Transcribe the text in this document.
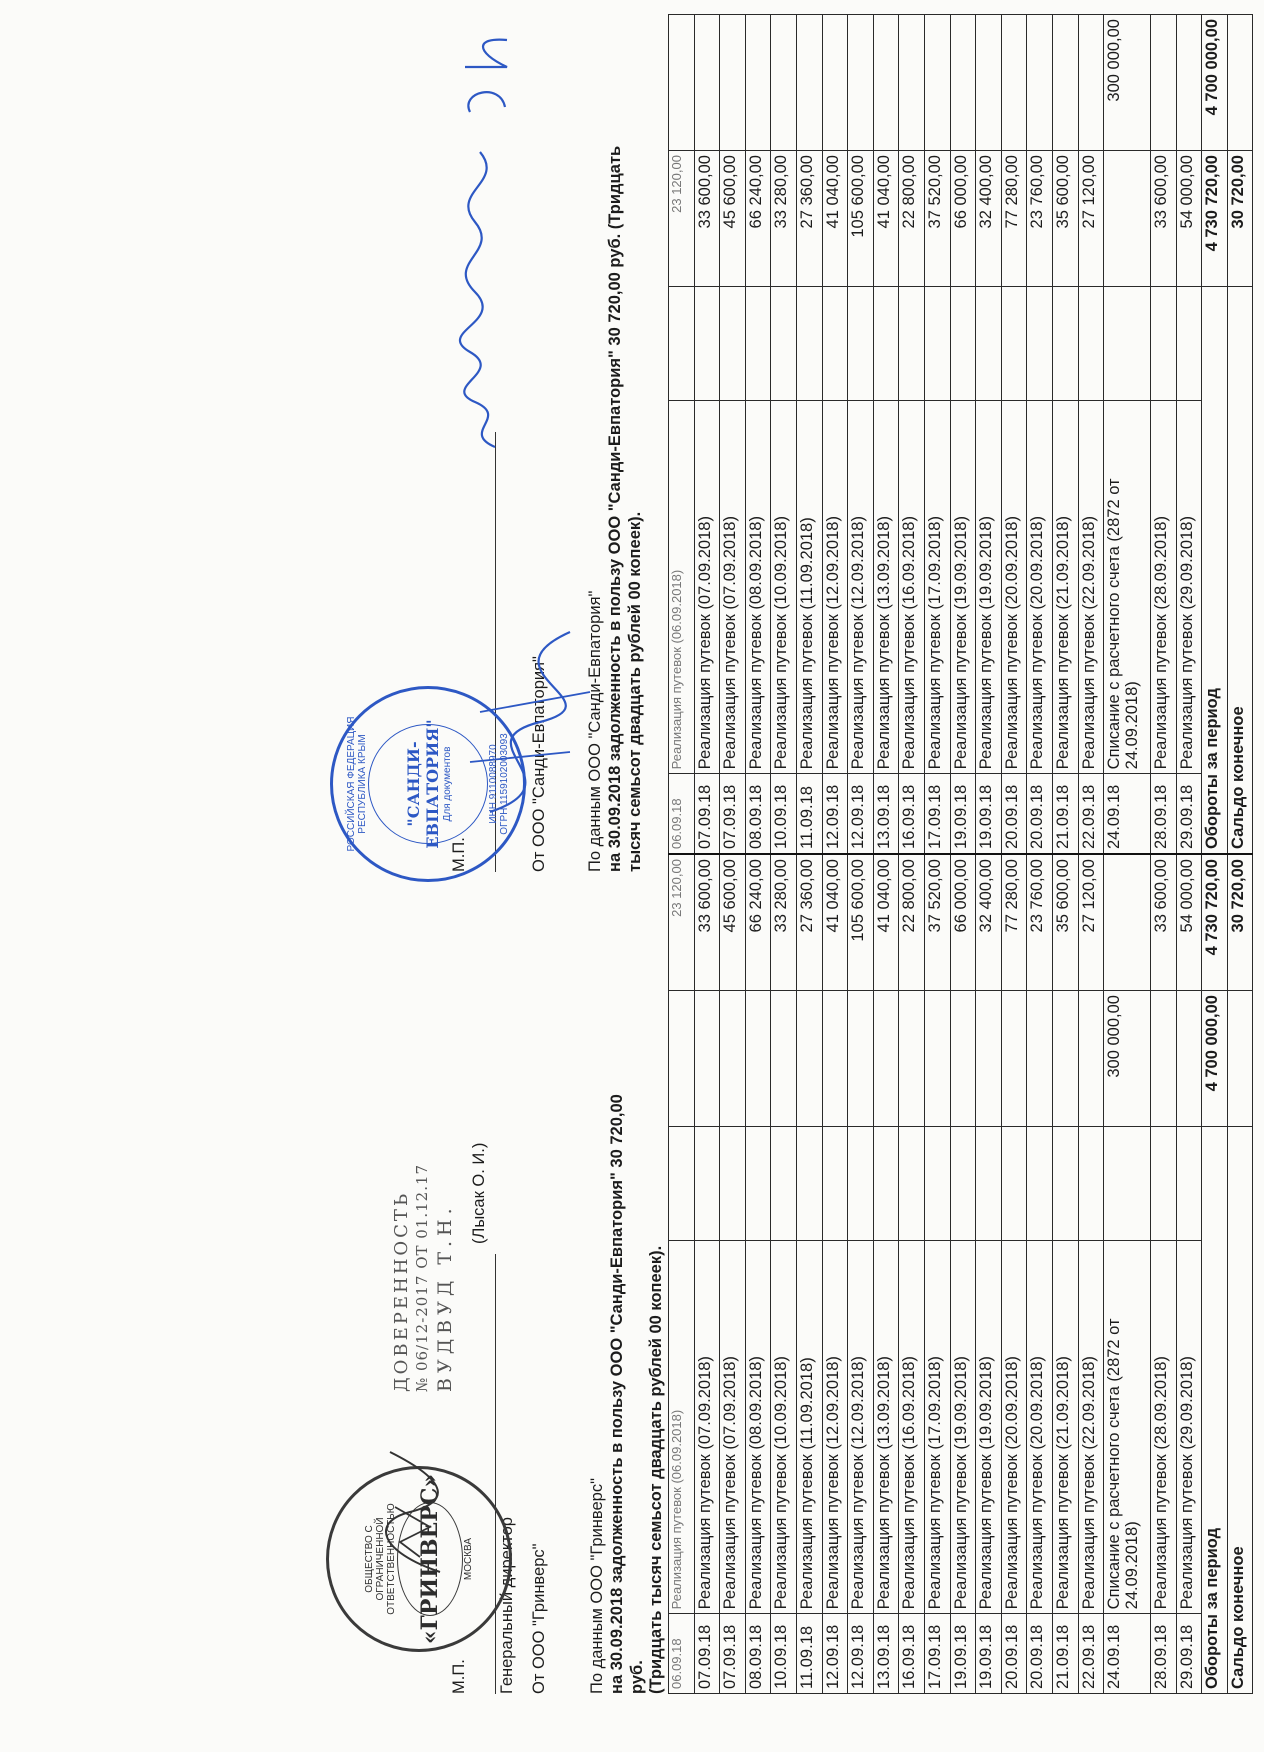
06.09.18	Реализация путевок (06.09.2018)			23 120,00	06.09.18	Реализация путевок (06.09.2018)		23 120,00	
07.09.18	Реализация путевок (07.09.2018)			33 600,00	07.09.18	Реализация путевок (07.09.2018)		33 600,00	
07.09.18	Реализация путевок (07.09.2018)			45 600,00	07.09.18	Реализация путевок (07.09.2018)		45 600,00	
08.09.18	Реализация путевок (08.09.2018)			66 240,00	08.09.18	Реализация путевок (08.09.2018)		66 240,00	
10.09.18	Реализация путевок (10.09.2018)			33 280,00	10.09.18	Реализация путевок (10.09.2018)		33 280,00	
11.09.18	Реализация путевок (11.09.2018)			27 360,00	11.09.18	Реализация путевок (11.09.2018)		27 360,00	
12.09.18	Реализация путевок (12.09.2018)			41 040,00	12.09.18	Реализация путевок (12.09.2018)		41 040,00	
12.09.18	Реализация путевок (12.09.2018)			105 600,00	12.09.18	Реализация путевок (12.09.2018)		105 600,00	
13.09.18	Реализация путевок (13.09.2018)			41 040,00	13.09.18	Реализация путевок (13.09.2018)		41 040,00	
16.09.18	Реализация путевок (16.09.2018)			22 800,00	16.09.18	Реализация путевок (16.09.2018)		22 800,00	
17.09.18	Реализация путевок (17.09.2018)			37 520,00	17.09.18	Реализация путевок (17.09.2018)		37 520,00	
19.09.18	Реализация путевок (19.09.2018)			66 000,00	19.09.18	Реализация путевок (19.09.2018)		66 000,00	
19.09.18	Реализация путевок (19.09.2018)			32 400,00	19.09.18	Реализация путевок (19.09.2018)		32 400,00	
20.09.18	Реализация путевок (20.09.2018)			77 280,00	20.09.18	Реализация путевок (20.09.2018)		77 280,00	
20.09.18	Реализация путевок (20.09.2018)			23 760,00	20.09.18	Реализация путевок (20.09.2018)		23 760,00	
21.09.18	Реализация путевок (21.09.2018)			35 600,00	21.09.18	Реализация путевок (21.09.2018)		35 600,00	
22.09.18	Реализация путевок (22.09.2018)			27 120,00	22.09.18	Реализация путевок (22.09.2018)		27 120,00	
24.09.18	Списание с расчетного счета (2872 от 24.09.2018)		300 000,00		24.09.18	Списание с расчетного счета (2872 от 24.09.2018)			300 000,00
28.09.18	Реализация путевок (28.09.2018)			33 600,00	28.09.18	Реализация путевок (28.09.2018)		33 600,00	
29.09.18	Реализация путевок (29.09.2018)			54 000,00	29.09.18	Реализация путевок (29.09.2018)		54 000,00	
Обороты за период			4 700 000,00	4 730 720,00	Обороты за период			4 730 720,00	4 700 000,00
Сальдо конечное				30 720,00	Сальдо конечное			30 720,00	
По данным ООО "Гринверс" на 30.09.2018 задолженность в пользу ООО "Санди-Евпатория" 30 720,00 руб. (Тридцать тысяч семьсот двадцать рублей 00 копеек).
От ООО "Гринверс"
Генеральный директор
(Лысак О. И.)
М.П.
ОБЩЕСТВО С ОГРАНИЧЕННОЙ ОТВЕТСТВЕННОСТЬЮ «ГРИНВЕРС» МОСКВА
ДОВЕРЕННОСТЬ № 06/12-2017 ОТ 01.12.17 ВУДВУД Т.Н.
По данным ООО "Санди-Евпатория" на 30.09.2018 задолженность в пользу ООО "Санди-Евпатория" 30 720,00 руб. (Тридцать тысяч семьсот двадцать рублей 00 копеек).
От ООО "Санди-Евпатория"
М.П.
РОССИЙСКАЯ ФЕДЕРАЦИЯ РЕСПУБЛИКА КРЫМ "САНДИ-ЕВПАТОРИЯ" Для документов	ИНН 9110088970 ОГРН 1159102003093
